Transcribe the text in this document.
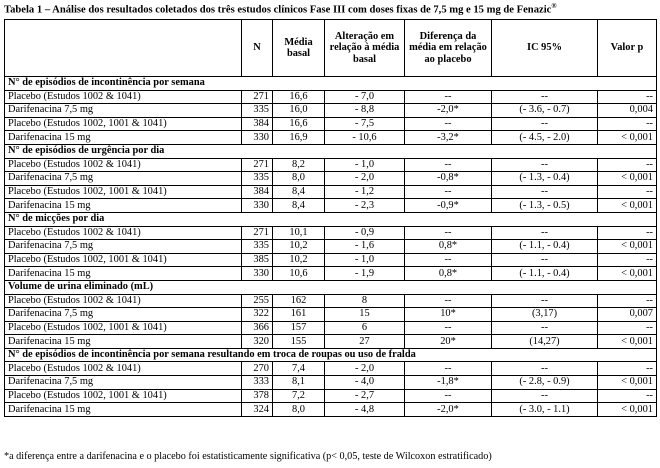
Tabela 1 – Análise dos resultados coletados dos três estudos clínicos Fase III com doses fixas de 7,5 mg e 15 mg de Fenazic®
	N	Média basal	Alteração em relação à média basal	Diferença da média em relação ao placebo	IC 95%	Valor p
N° de episódios de incontinência por semana						
Placebo (Estudos 1002 & 1041)	271	16,6	- 7,0	--	--	--
Darifenacina 7,5 mg	335	16,0	- 8,8	-2,0*	(- 3.6, - 0.7)	0,004
Placebo (Estudos 1002, 1001 & 1041)	384	16,6	- 7,5	--	--	--
Darifenacina 15 mg	330	16,9	- 10,6	-3,2*	(- 4.5, - 2.0)	< 0,001
N° de episódios de urgência por dia						
Placebo (Estudos 1002 & 1041)	271	8,2	- 1,0	--	--	--
Darifenacina 7,5 mg	335	8,0	- 2,0	-0,8*	(- 1.3, - 0.4)	< 0,001
Placebo (Estudos 1002, 1001 & 1041)	384	8,4	- 1,2	--	--	--
Darifenacina 15 mg	330	8,4	- 2,3	-0,9*	(- 1.3, - 0.5)	< 0,001
N° de micções por dia						
Placebo (Estudos 1002 & 1041)	271	10,1	- 0,9	--	--	--
Darifenacina 7,5 mg	335	10,2	- 1,6	0,8*	(- 1.1, - 0.4)	< 0,001
Placebo (Estudos 1002, 1001 & 1041)	385	10,2	- 1,0	--	--	--
Darifenacina 15 mg	330	10,6	- 1,9	0,8*	(- 1.1, - 0.4)	< 0,001
Volume de urina eliminado (mL)						
Placebo (Estudos 1002 & 1041)	255	162	8	--	--	--
Darifenacina 7,5 mg	322	161	15	10*	(3,17)	0,007
Placebo (Estudos 1002, 1001 & 1041)	366	157	6	--	--	--
Darifenacina 15 mg	320	155	27	20*	(14,27)	< 0,001
N° de episódios de incontinência por semana resultando em troca de roupas ou uso de fralda						
Placebo (Estudos 1002 & 1041)	270	7,4	- 2,0	--	--	--
Darifenacina 7,5 mg	333	8,1	- 4,0	-1,8*	(- 2.8, - 0.9)	< 0,001
Placebo (Estudos 1002, 1001 & 1041)	378	7,2	- 2,7	--	--	--
Darifenacina 15 mg	324	8,0	- 4,8	-2,0*	(- 3.0, - 1.1)	< 0,001
*a diferença entre a darifenacina e o placebo foi estatisticamente significativa (p< 0,05, teste de Wilcoxon estratificado)
